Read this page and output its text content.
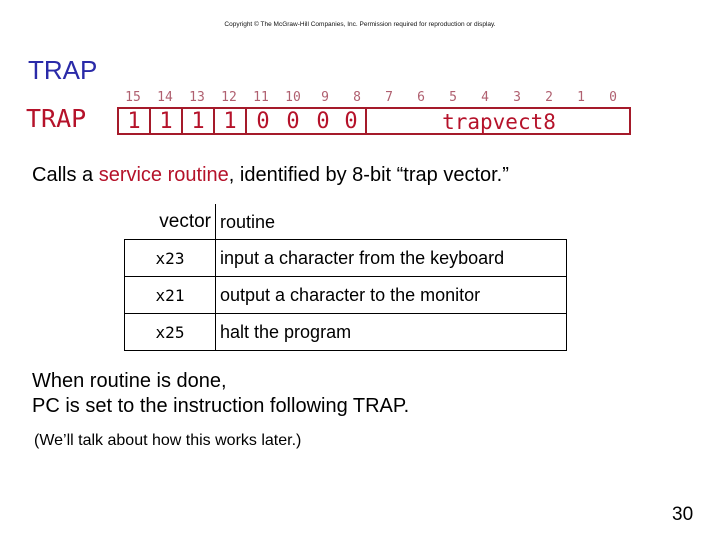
Copyright © The McGraw-Hill Companies, Inc. Permission required for reproduction or display.
TRAP
TRAP
15	14	13	12	11	10	9	8	7	6	5	4	3	2	1	0
1 1 1 1 0 0 0 0	trapvect8
Calls a service routine, identified by 8-bit “trap vector.”
vector	routine
x23	input a character from the keyboard
x21	output a character to the monitor
x25	halt the program
When routine is done,
PC is set to the instruction following TRAP.
(We’ll talk about how this works later.)
30
